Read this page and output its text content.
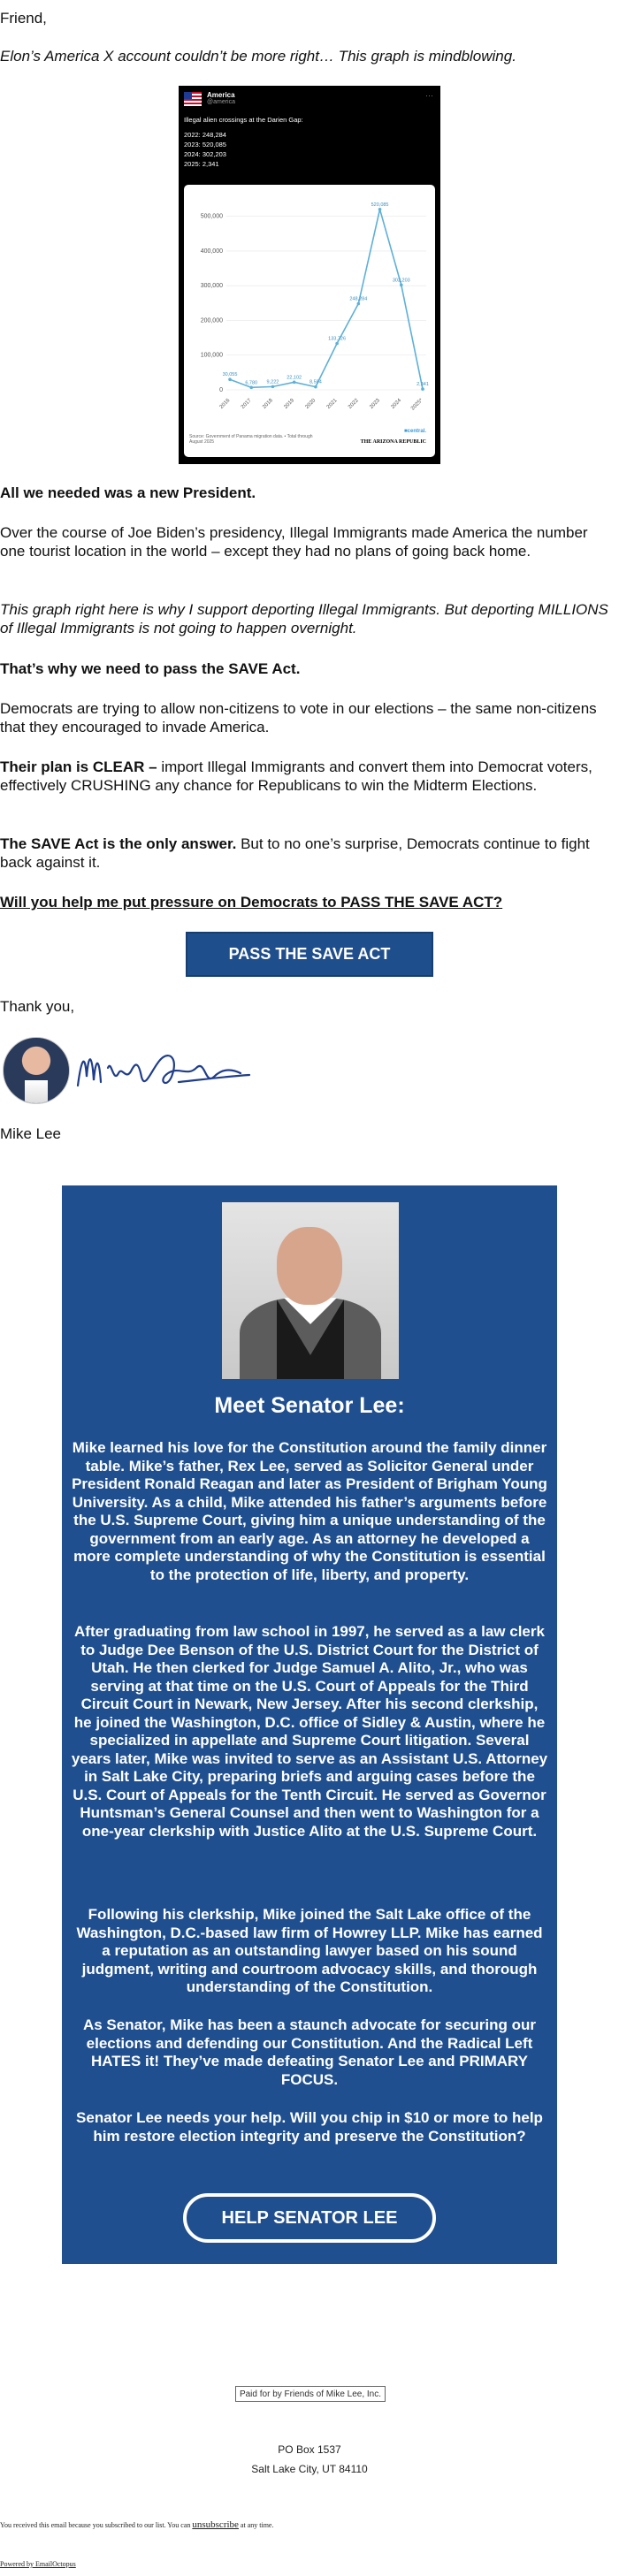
Friend,

Elon’s America X account couldn’t be more right… This graph is mindblowing.

America
@america
···
Illegal alien crossings at the Darien Gap:
2022: 248,284
2023: 520,085
2024: 302,203
2025: 2,341
0
100,000
200,000
300,000
400,000
500,000
30,055
2016
6,780
2017
9,222
2018
22,102
2019
8,594
2020
133,726
2021
248,284
2022
520,085
2023
302,203
2024
2,341
2025*
Source: Government of Panama migration data. • Total through August 2025
■central.
THE ARIZONA REPUBLIC

All we needed was a new President.

Over the course of Joe Biden’s presidency, Illegal Immigrants made America the number one tourist location in the world – except they had no plans of going back home.

This graph right here is why I support deporting Illegal Immigrants. But deporting MILLIONS of Illegal Immigrants is not going to happen overnight.

That’s why we need to pass the SAVE Act.

Democrats are trying to allow non-citizens to vote in our elections – the same non-citizens that they encouraged to invade America.

Their plan is CLEAR – import Illegal Immigrants and convert them into Democrat voters, effectively CRUSHING any chance for Republicans to win the Midterm Elections.

The SAVE Act is the only answer. But to no one’s surprise, Democrats continue to fight back against it.

Will you help me put pressure on Democrats to PASS THE SAVE ACT?

PASS THE SAVE ACT

Thank you,

Mike Lee

Meet Senator Lee:

Mike learned his love for the Constitution around the family dinner table. Mike’s father, Rex Lee, served as Solicitor General under President Ronald Reagan and later as President of Brigham Young University. As a child, Mike attended his father’s arguments before the U.S. Supreme Court, giving him a unique understanding of the government from an early age. As an attorney he developed a more complete understanding of why the Constitution is essential to the protection of life, liberty, and property.

After graduating from law school in 1997, he served as a law clerk to Judge Dee Benson of the U.S. District Court for the District of Utah. He then clerked for Judge Samuel A. Alito, Jr., who was serving at that time on the U.S. Court of Appeals for the Third Circuit Court in Newark, New Jersey. After his second clerkship, he joined the Washington, D.C. office of Sidley & Austin, where he specialized in appellate and Supreme Court litigation. Several years later, Mike was invited to serve as an Assistant U.S. Attorney in Salt Lake City, preparing briefs and arguing cases before the U.S. Court of Appeals for the Tenth Circuit. He served as Governor Huntsman’s General Counsel and then went to Washington for a one-year clerkship with Justice Alito at the U.S. Supreme Court.

Following his clerkship, Mike joined the Salt Lake office of the Washington, D.C.-based law firm of Howrey LLP. Mike has earned a reputation as an outstanding lawyer based on his sound judgment, writing and courtroom advocacy skills, and thorough understanding of the Constitution.

As Senator, Mike has been a staunch advocate for securing our elections and defending our Constitution. And the Radical Left HATES it! They’ve made defeating Senator Lee and PRIMARY FOCUS.

Senator Lee needs your help. Will you chip in $10 or more to help him restore election integrity and preserve the Constitution?

HELP SENATOR LEE
Paid for by Friends of Mike Lee, Inc.
PO Box 1537
Salt Lake City, UT 84110
You received this email because you subscribed to our list. You can unsubscribe at any time.
Powered by EmailOctopus
